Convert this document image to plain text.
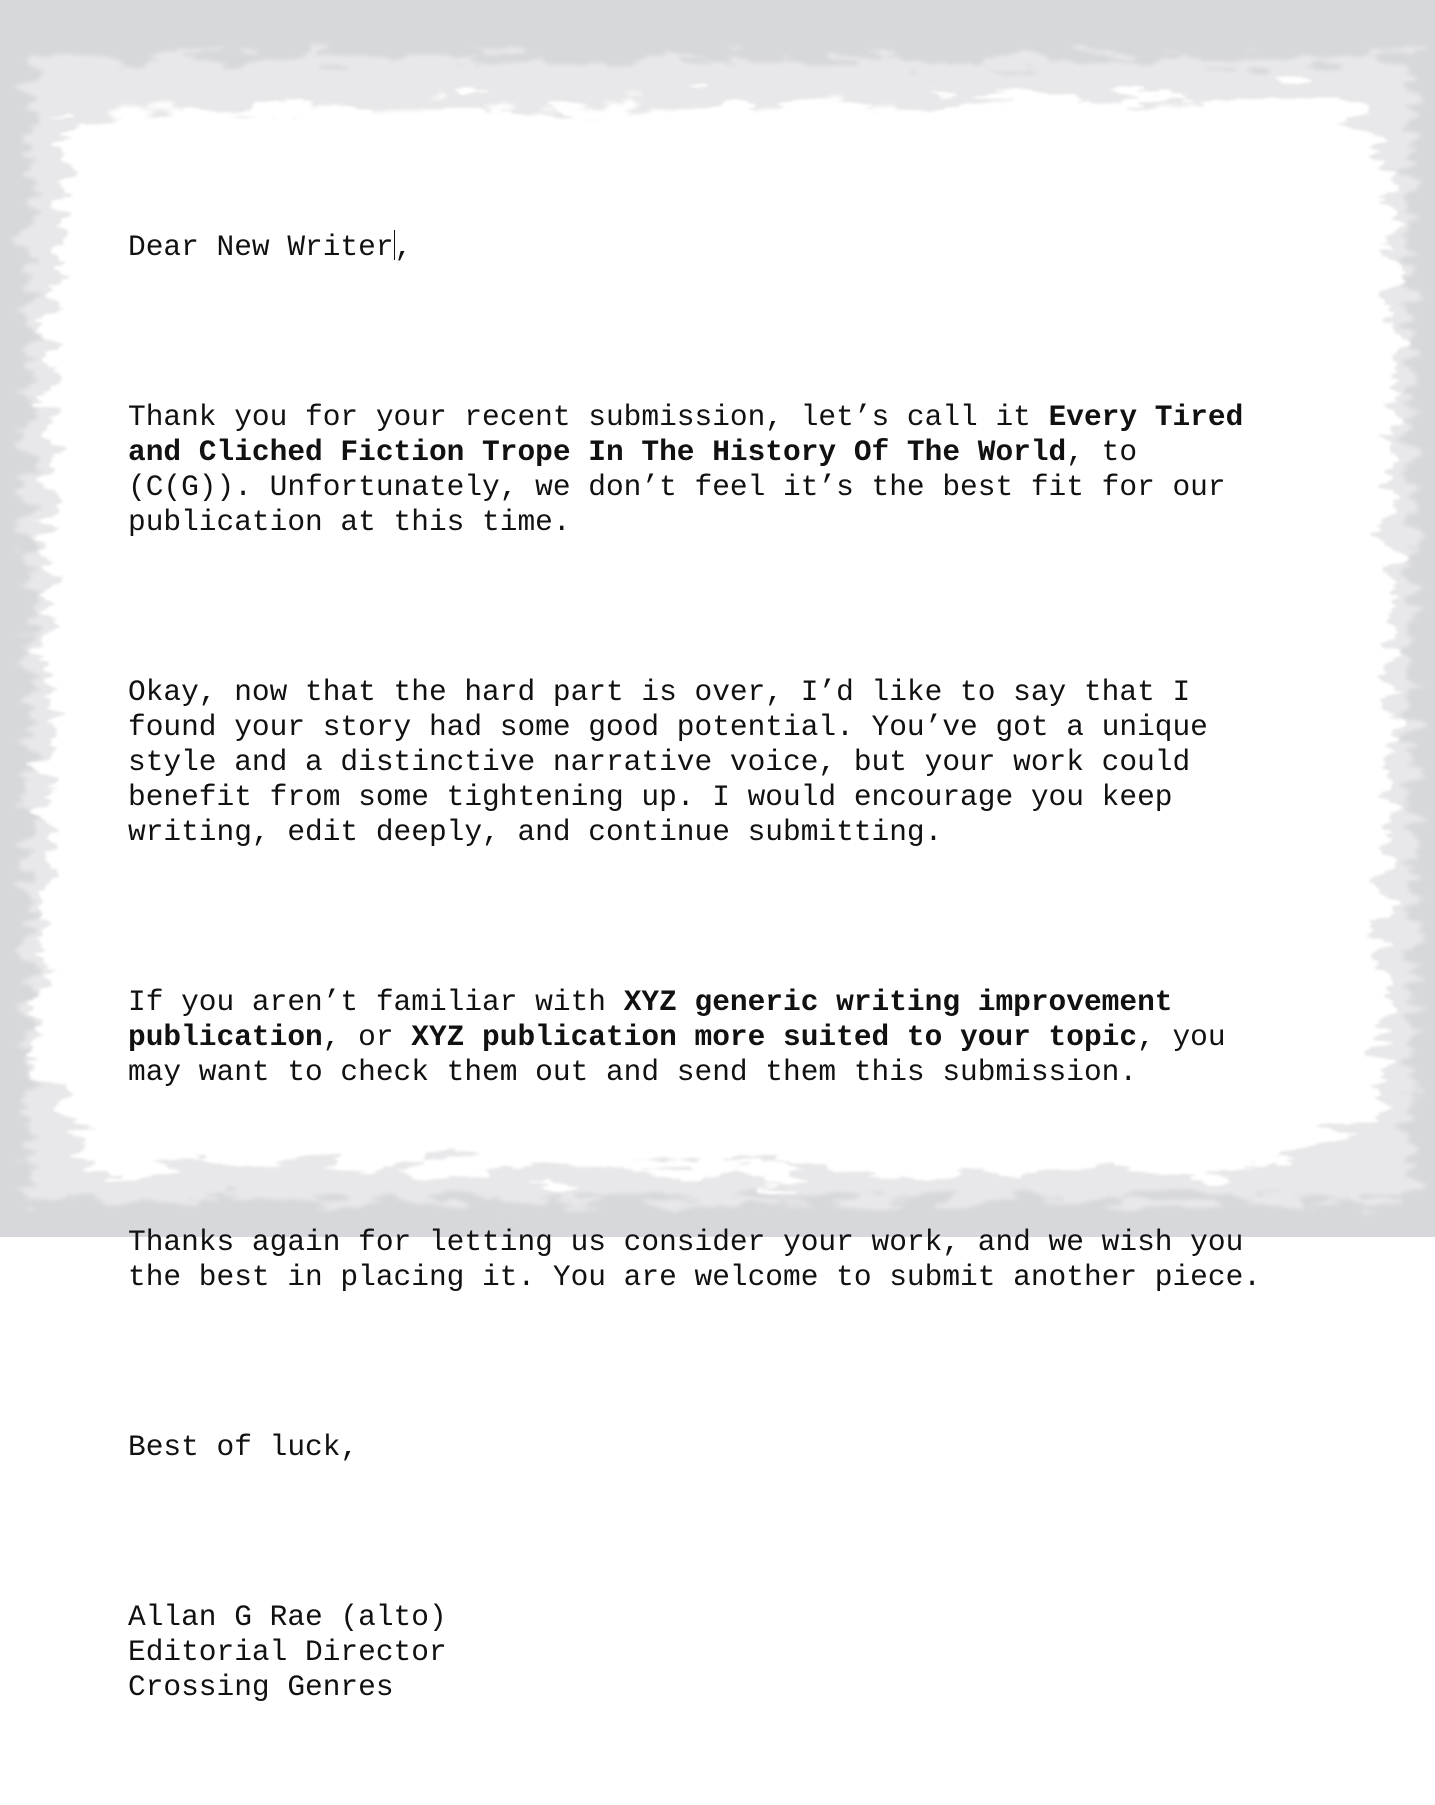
Dear New Writer,

Thank you for your recent submission, let’s call it Every Tired
and Cliched Fiction Trope In The History Of The World, to
(C(G)). Unfortunately, we don’t feel it’s the best fit for our
publication at this time.

Okay, now that the hard part is over, I’d like to say that I
found your story had some good potential. You’ve got a unique
style and a distinctive narrative voice, but your work could
benefit from some tightening up. I would encourage you keep
writing, edit deeply, and continue submitting.

If you aren’t familiar with XYZ generic writing improvement
publication, or XYZ publication more suited to your topic, you
may want to check them out and send them this submission.

Thanks again for letting us consider your work, and we wish you
the best in placing it. You are welcome to submit another piece.

Best of luck,

Allan G Rae (alto)
Editorial Director
Crossing Genres
